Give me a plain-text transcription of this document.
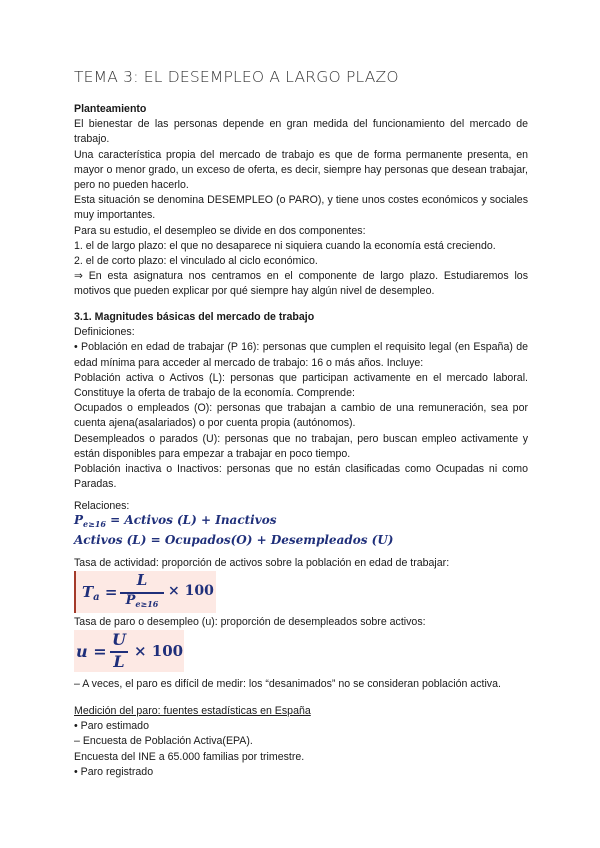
TEMA 3: EL DESEMPLEO A LARGO PLAZO

Planteamiento

El bienestar de las personas depende en gran medida del funcionamiento del mercado de trabajo.

Una característica propia del mercado de trabajo es que de forma permanente presenta, en mayor o menor grado, un exceso de oferta, es decir, siempre hay personas que desean trabajar, pero no pueden hacerlo.

Esta situación se denomina DESEMPLEO (o PARO), y tiene unos costes económicos y sociales muy importantes.

Para su estudio, el desempleo se divide en dos componentes:

1. el de largo plazo: el que no desaparece ni siquiera cuando la economía está creciendo.

2. el de corto plazo: el vinculado al ciclo económico.

⇒ En esta asignatura nos centramos en el componente de largo plazo. Estudiaremos los motivos que pueden explicar por qué siempre hay algún nivel de desempleo.

3.1. Magnitudes básicas del mercado de trabajo

Definiciones:

• Población en edad de trabajar (P 16): personas que cumplen el requisito legal (en España) de edad mínima para acceder al mercado de trabajo: 16 o más años. Incluye:

Población activa o Activos (L): personas que participan activamente en el mercado laboral. Constituye la oferta de trabajo de la economía. Comprende:

Ocupados o empleados (O): personas que trabajan a cambio de una remuneración, sea por cuenta ajena(asalariados) o por cuenta propia (autónomos).

Desempleados o parados (U): personas que no trabajan, pero buscan empleo activamente y están disponibles para empezar a trabajar en poco tiempo.

Población inactiva o Inactivos: personas que no están clasificadas como Ocupadas ni como Paradas.

Relaciones:
$P_{e\ge 16}$ = Activos (L) + Inactivos
Activos (L) = Ocupados(O) + Desempleados (U)
Tasa de actividad: proporción de activos sobre la población en edad de trabajar:
$T_a$ =
L
$P_{e\ge 16}$
× 100
Tasa de paro o desempleo (u): proporción de desempleados sobre activos:
u =
U
L
× 100
– A veces, el paro es difícil de medir: los “desanimados” no se consideran población activa.

Medición del paro: fuentes estadísticas en España

• Paro estimado

– Encuesta de Población Activa(EPA).

Encuesta del INE a 65.000 familias por trimestre.

• Paro registrado
